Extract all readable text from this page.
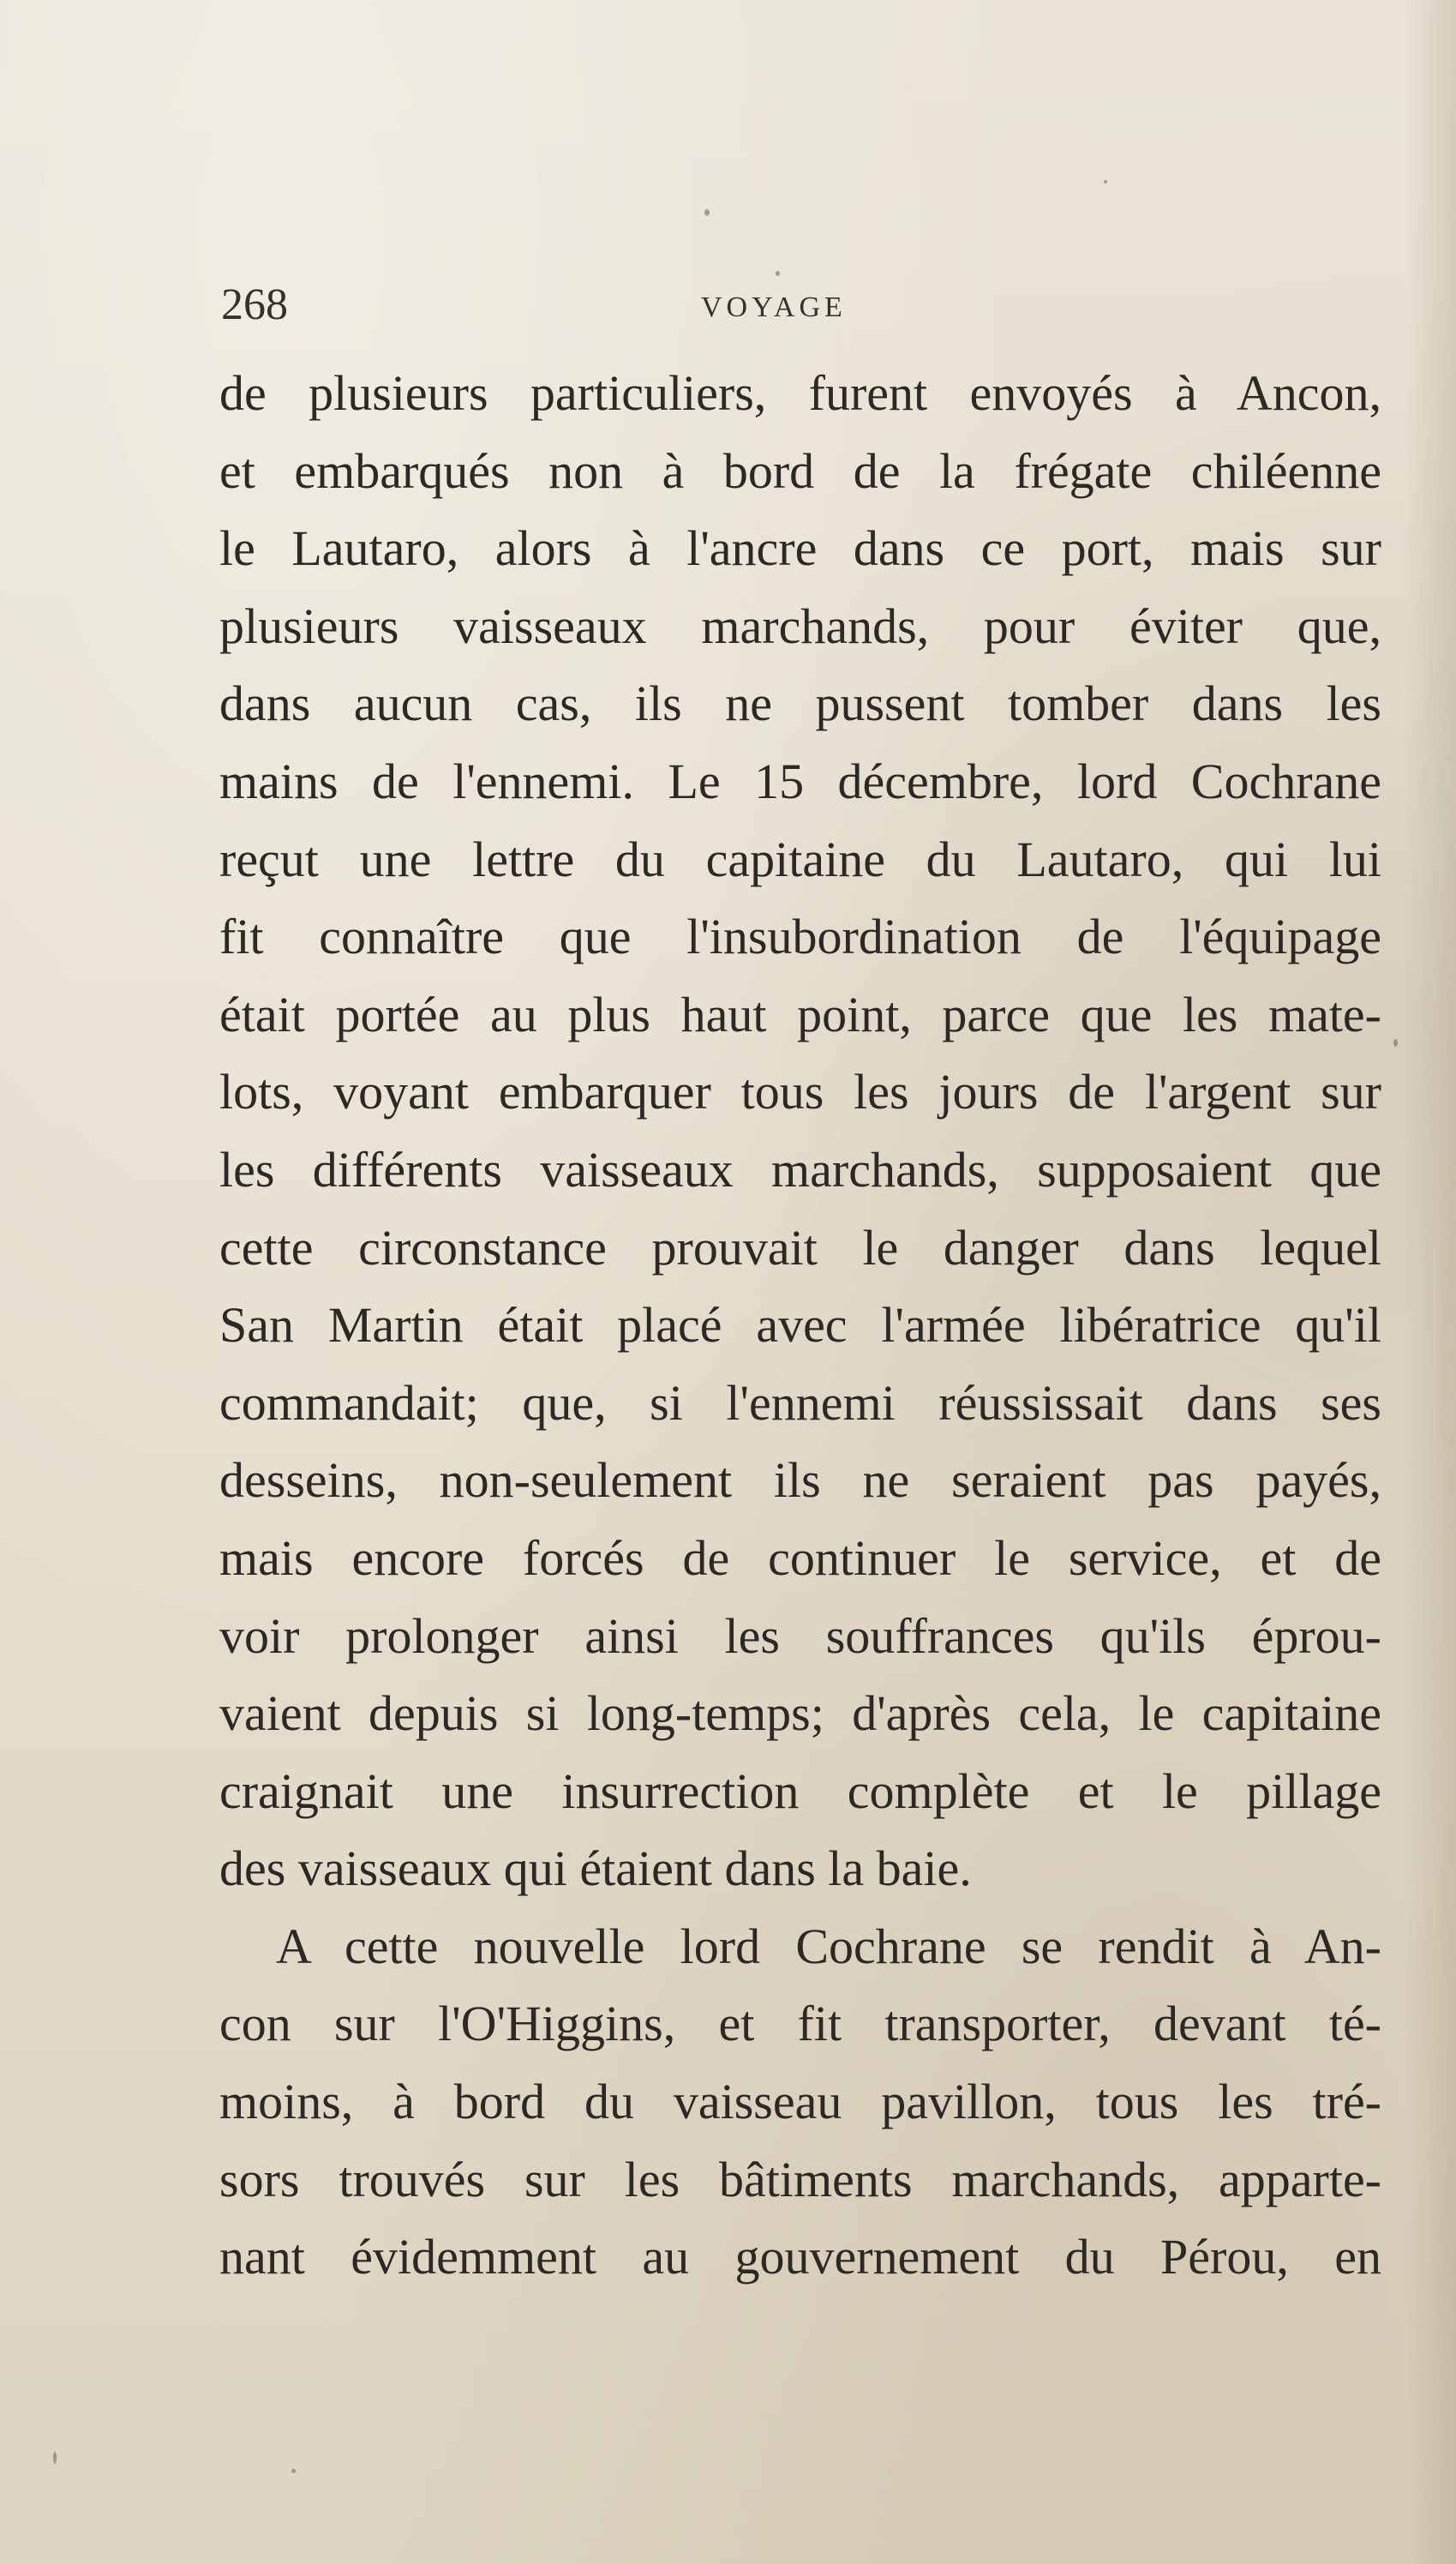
268	VOYAGE
de plusieurs particuliers, furent envoyés à Ancon,
et embarqués non à bord de la frégate chiléenne
le Lautaro, alors à l'ancre dans ce port, mais sur
plusieurs vaisseaux marchands, pour éviter que,
dans aucun cas, ils ne pussent tomber dans les
mains de l'ennemi. Le 15 décembre, lord Cochrane
reçut une lettre du capitaine du Lautaro, qui lui
fit connaître que l'insubordination de l'équipage
était portée au plus haut point, parce que les mate-
lots, voyant embarquer tous les jours de l'argent sur
les différents vaisseaux marchands, supposaient que
cette circonstance prouvait le danger dans lequel
San Martin était placé avec l'armée libératrice qu'il
commandait; que, si l'ennemi réussissait dans ses
desseins, non-seulement ils ne seraient pas payés,
mais encore forcés de continuer le service, et de
voir prolonger ainsi les souffrances qu'ils éprou-
vaient depuis si long-temps; d'après cela, le capitaine
craignait une insurrection complète et le pillage
des vaisseaux qui étaient dans la baie.
A cette nouvelle lord Cochrane se rendit à An-
con sur l'O'Higgins, et fit transporter, devant té-
moins, à bord du vaisseau pavillon, tous les tré-
sors trouvés sur les bâtiments marchands, apparte-
nant évidemment au gouvernement du Pérou, en
